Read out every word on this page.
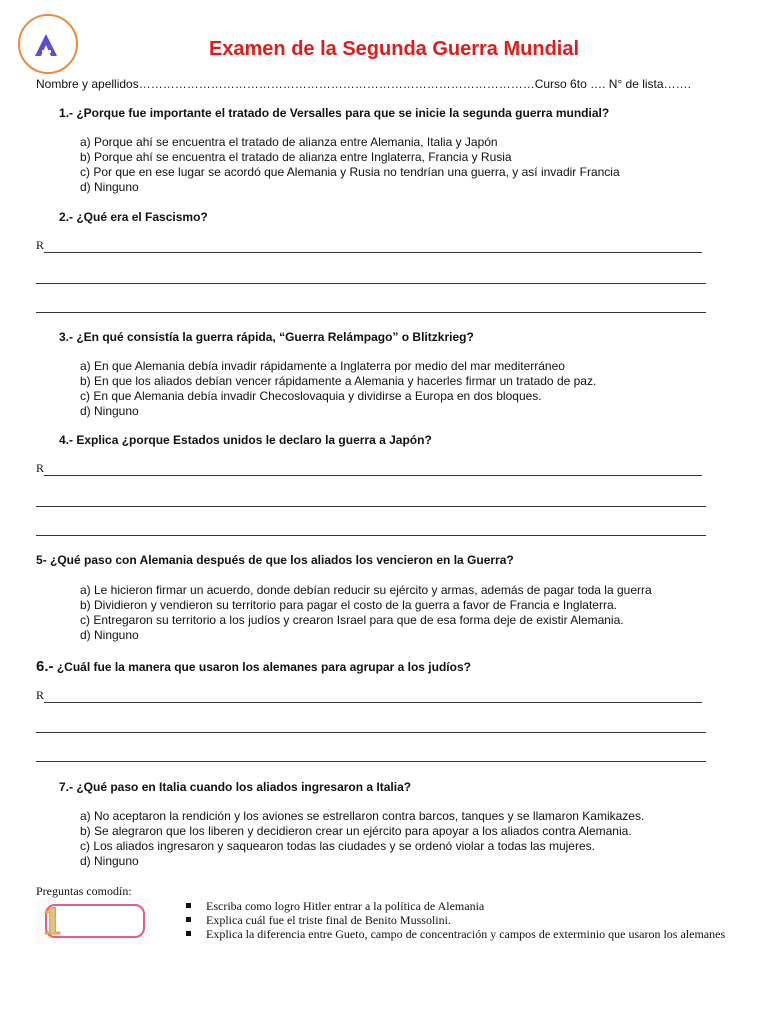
Examen de la Segunda Guerra Mundial
Nombre y apellidos………………………………………………………………………………………Curso 6to …. N° de lista…….
1.- ¿Porque fue importante el tratado de Versalles para que se inicie la segunda guerra mundial?
a) Porque ahí se encuentra el tratado de alianza entre Alemania, Italia y Japón
b) Porque ahí se encuentra el tratado de alianza entre Inglaterra, Francia y Rusia
c) Por que en ese lugar se acordó que Alemania y Rusia no tendrían una guerra, y así invadir Francia
d) Ninguno
2.- ¿Qué era el Fascismo?
R
3.- ¿En qué consistía la guerra rápida, “Guerra Relámpago” o Blitzkrieg?
a) En que Alemania debía invadir rápidamente a Inglaterra por medio del mar mediterráneo
b) En que los aliados debían vencer rápidamente a Alemania y hacerles firmar un tratado de paz.
c) En que Alemania debía invadir Checoslovaquia y dividirse a Europa en dos bloques.
d) Ninguno
4.- Explica ¿porque Estados unidos le declaro la guerra a Japón?
R
5- ¿Qué paso con Alemania después de que los aliados los vencieron en la Guerra?
a) Le hicieron firmar un acuerdo, donde debían reducir su ejército y armas, además de pagar toda la guerra
b) Dividieron y vendieron su territorio para pagar el costo de la guerra a favor de Francia e Inglaterra.
c) Entregaron su territorio a los judíos y crearon Israel para que de esa forma deje de existir Alemania.
d) Ninguno
6.- ¿Cuál fue la manera que usaron los alemanes para agrupar a los judíos?
R
7.- ¿Qué paso en Italia cuando los aliados ingresaron a Italia?
a) No aceptaron la rendición y los aviones se estrellaron contra barcos, tanques y se llamaron Kamikazes.
b) Se alegraron que los liberen y decidieron crear un ejército para apoyar a los aliados contra Alemania.
c) Los aliados ingresaron y saquearon todas las ciudades y se ordenó violar a todas las mujeres.
d) Ninguno
Preguntas comodín:
1	Escriba como logro Hitler entrar a la política de Alemania
Explica cuál fue el triste final de Benito Mussolini.
Explica la diferencia entre Gueto, campo de concentración y campos de exterminio que usaron los alemanes
